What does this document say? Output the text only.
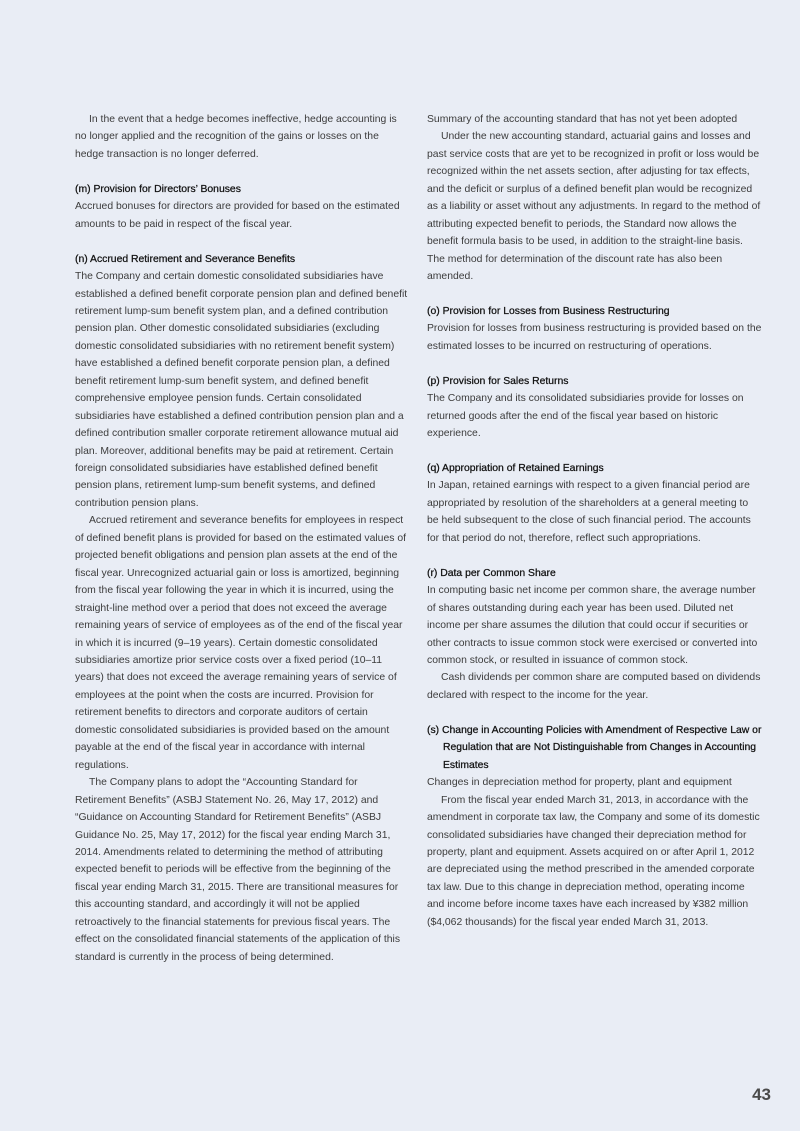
In the event that a hedge becomes ineffective, hedge accounting is no longer applied and the recognition of the gains or losses on the hedge transaction is no longer deferred.

(m) Provision for Directors’ Bonuses

Accrued bonuses for directors are provided for based on the estimated amounts to be paid in respect of the fiscal year.

(n) Accrued Retirement and Severance Benefits

The Company and certain domestic consolidated subsidiaries have established a defined benefit corporate pension plan and defined benefit retirement lump-sum benefit system plan, and a defined contribution pension plan. Other domestic consolidated subsidiaries (excluding domestic consolidated subsidiaries with no retirement benefit system) have established a defined benefit corporate pension plan, a defined benefit retirement lump-sum benefit system, and defined benefit comprehensive employee pension funds. Certain consolidated subsidiaries have established a defined contribution pension plan and a defined contribution smaller corporate retirement allowance mutual aid plan. Moreover, additional benefits may be paid at retirement. Certain foreign consolidated subsidiaries have established defined benefit pension plans, retirement lump-sum benefit systems, and defined contribution pension plans.

Accrued retirement and severance benefits for employees in respect of defined benefit plans is provided for based on the estimated values of projected benefit obligations and pension plan assets at the end of the fiscal year. Unrecognized actuarial gain or loss is amortized, beginning from the fiscal year following the year in which it is incurred, using the straight-line method over a period that does not exceed the average remaining years of service of employees as of the end of the fiscal year in which it is incurred (9–19 years). Certain domestic consolidated subsidiaries amortize prior service costs over a fixed period (10–11 years) that does not exceed the average remaining years of service of employees at the point when the costs are incurred. Provision for retirement benefits to directors and corporate auditors of certain domestic consolidated subsidiaries is provided based on the amount payable at the end of the fiscal year in accordance with internal regulations.

The Company plans to adopt the “Accounting Standard for Retirement Benefits” (ASBJ Statement No. 26, May 17, 2012) and “Guidance on Accounting Standard for Retirement Benefits” (ASBJ Guidance No. 25, May 17, 2012) for the fiscal year ending March 31, 2014. Amendments related to determining the method of attributing expected benefit to periods will be effective from the beginning of the fiscal year ending March 31, 2015. There are transitional measures for this accounting standard, and accordingly it will not be applied retroactively to the financial statements for previous fiscal years. The effect on the consolidated financial statements of the application of this standard is currently in the process of being determined.

Summary of the accounting standard that has not yet been adopted

Under the new accounting standard, actuarial gains and losses and past service costs that are yet to be recognized in profit or loss would be recognized within the net assets section, after adjusting for tax effects, and the deficit or surplus of a defined benefit plan would be recognized as a liability or asset without any adjustments. In regard to the method of attributing expected benefit to periods, the Standard now allows the benefit formula basis to be used, in addition to the straight-line basis. The method for determination of the discount rate has also been amended.

(o) Provision for Losses from Business Restructuring

Provision for losses from business restructuring is provided based on the estimated losses to be incurred on restructuring of operations.

(p) Provision for Sales Returns

The Company and its consolidated subsidiaries provide for losses on returned goods after the end of the fiscal year based on historic experience.

(q) Appropriation of Retained Earnings

In Japan, retained earnings with respect to a given financial period are appropriated by resolution of the shareholders at a general meeting to be held subsequent to the close of such financial period. The accounts for that period do not, therefore, reflect such appropriations.

(r) Data per Common Share

In computing basic net income per common share, the average number of shares outstanding during each year has been used. Diluted net income per share assumes the dilution that could occur if securities or other contracts to issue common stock were exercised or converted into common stock, or resulted in issuance of common stock.

Cash dividends per common share are computed based on dividends declared with respect to the income for the year.

(s) Change in Accounting Policies with Amendment of Respective Law or Regulation that are Not Distinguishable from Changes in Accounting Estimates

Changes in depreciation method for property, plant and equipment

From the fiscal year ended March 31, 2013, in accordance with the amendment in corporate tax law, the Company and some of its domestic consolidated subsidiaries have changed their depreciation method for property, plant and equipment. Assets acquired on or after April 1, 2012 are depreciated using the method prescribed in the amended corporate tax law. Due to this change in depreciation method, operating income and income before income taxes have each increased by ¥382 million ($4,062 thousands) for the fiscal year ended March 31, 2013.

43
